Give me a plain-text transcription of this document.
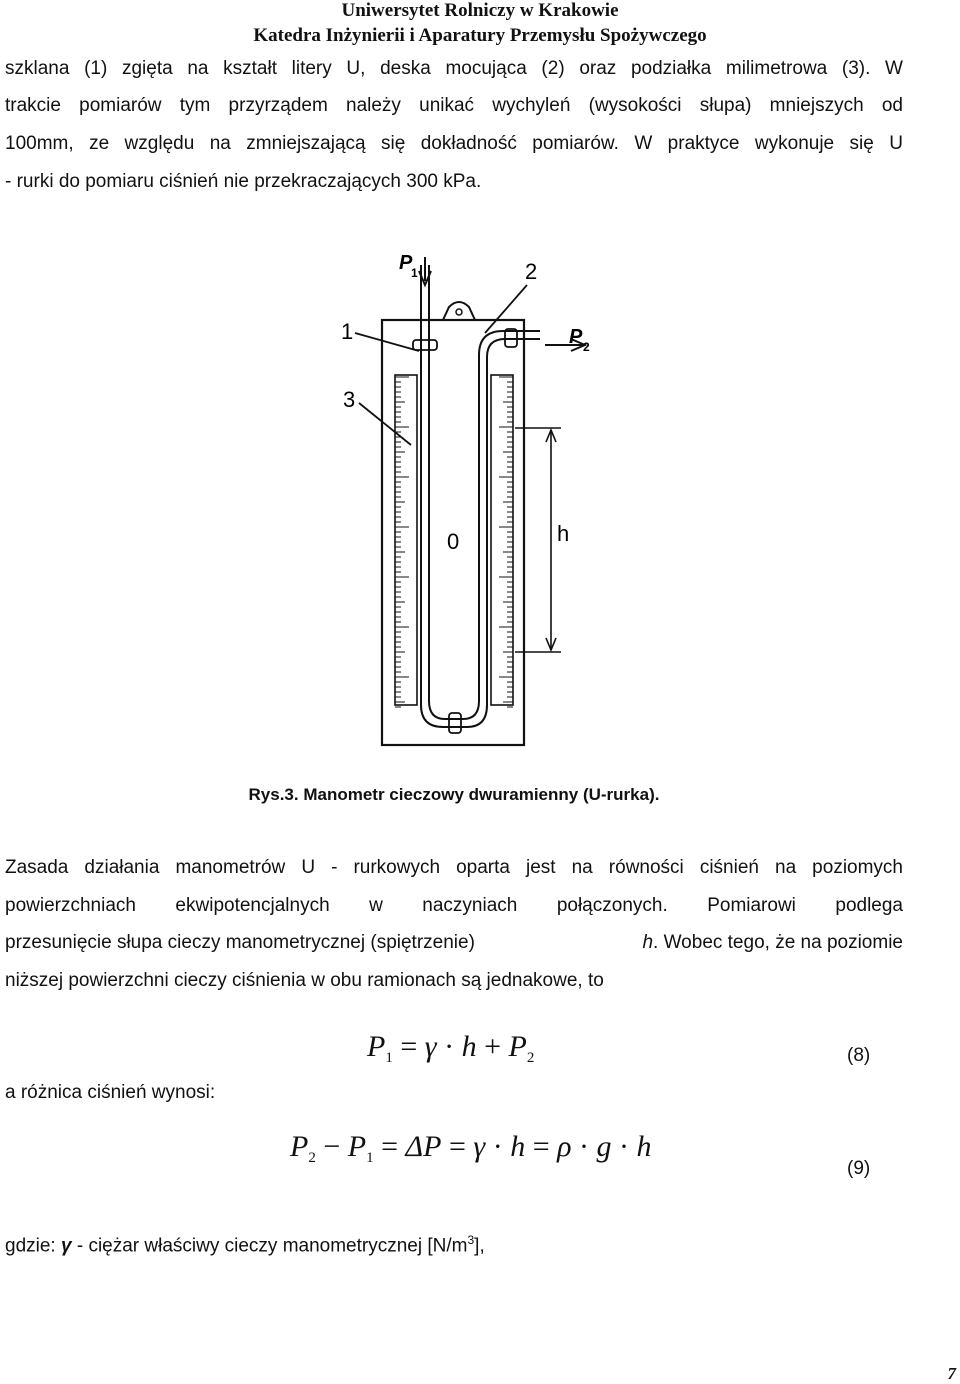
Uniwersytet Rolniczy w Krakowie
Katedra Inżynierii i Aparatury Przemysłu Spożywczego
szklana (1) zgięta na kształt litery U, deska mocująca (2) oraz podziałka milimetrowa (3). W
trakcie pomiarów tym przyrządem należy unikać wychyleń (wysokości słupa) mniejszych od
100mm, ze względu na zmniejszającą się dokładność pomiarów. W praktyce wykonuje się U
- rurki do pomiaru ciśnień nie przekraczających 300 kPa.
P
1
P 2
1
2
3
0	h
Rys.3. Manometr cieczowy dwuramienny (U-rurka).
Zasada działania manometrów U - rurkowych oparta jest na równości ciśnień na poziomych
powierzchniach ekwipotencjalnych w naczyniach połączonych. Pomiarowi podlega
przesunięcie słupa cieczy manometrycznej (spiętrzenie)	h. Wobec tego, że na poziomie
niższej powierzchni cieczy ciśnienia w obu ramionach są jednakowe, to
$P_1 = \gamma \cdot h + P_2$	(8)
a różnica ciśnień wynosi:
$P_2 - P_1 = \Delta P = \gamma \cdot h = \rho \cdot g \cdot h$
(9)
gdzie: γ - ciężar właściwy cieczy manometrycznej $[N/m^3]$,
7
